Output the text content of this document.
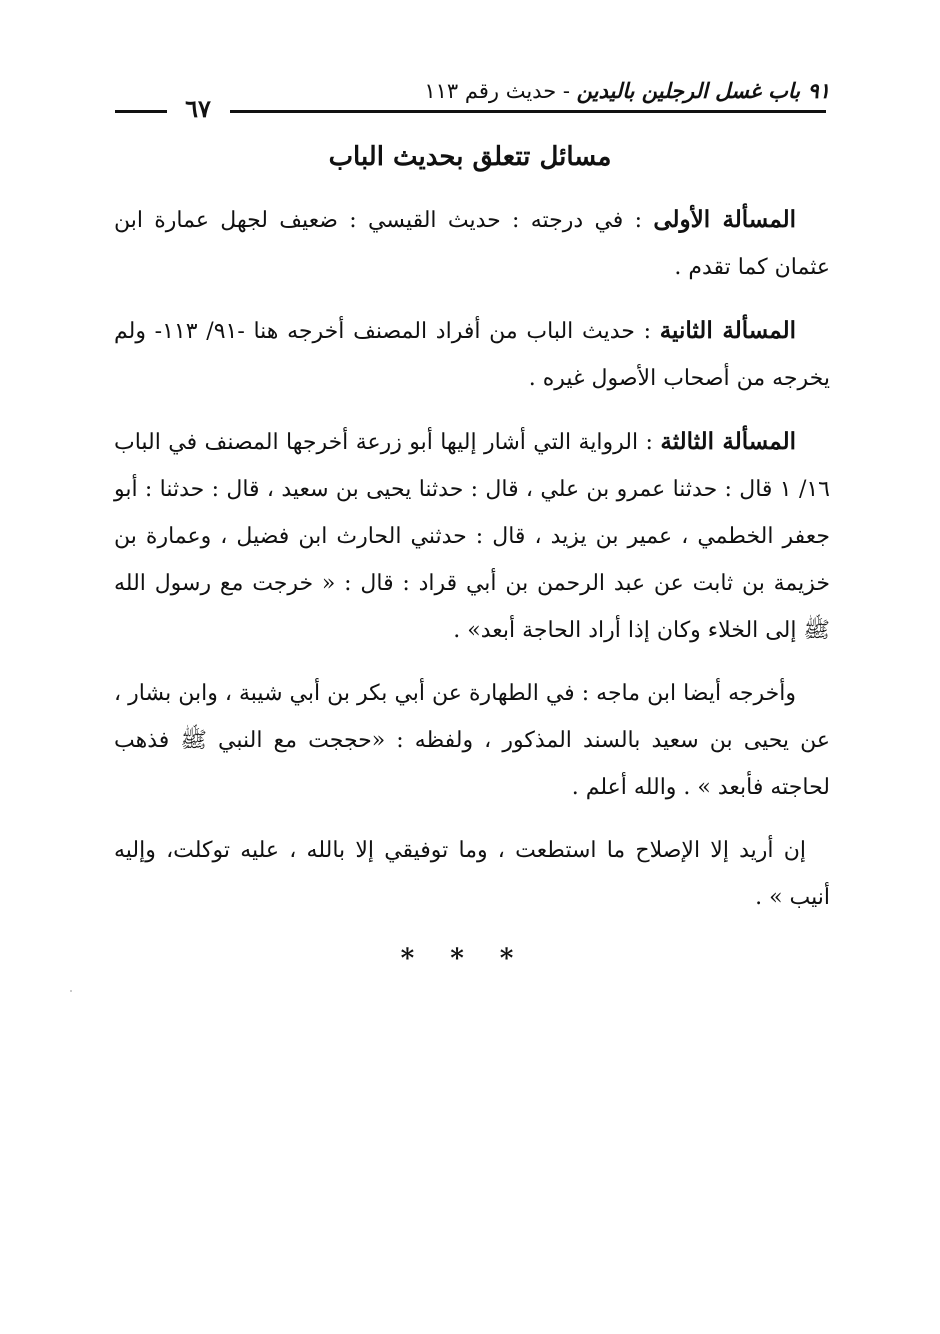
٩١ باب غسل الرجلين باليدين - حديث رقم ١١٣
٦٧
مسائل تتعلق بحديث الباب

المسألة الأولى : في درجته : حديث القيسي : ضعيف لجهل عمارة ابن عثمان كما تقدم .

المسألة الثانية : حديث الباب من أفراد المصنف أخرجه هنا -٩١/ ١١٣- ولم يخرجه من أصحاب الأصول غيره .

المسألة الثالثة : الرواية التي أشار إليها أبو زرعة أخرجها المصنف في الباب ١٦/ ١ قال : حدثنا عمرو بن علي ، قال : حدثنا يحيى بن سعيد ، قال : حدثنا : أبو جعفر الخطمي ، عمير بن يزيد ، قال : حدثني الحارث ابن فضيل ، وعمارة بن خزيمة بن ثابت عن عبد الرحمن بن أبي قراد : قال : « خرجت مع رسول الله ﷺ إلى الخلاء وكان إذا أراد الحاجة أبعد» .

وأخرجه أيضا ابن ماجه : في الطهارة عن أبي بكر بن أبي شيبة ، وابن بشار ، عن يحيى بن سعيد بالسند المذكور ، ولفظه : «حججت مع النبي ﷺ فذهب لحاجته فأبعد » . والله أعلم .

إن أريد إلا الإصلاح ما استطعت ، وما توفيقي إلا بالله ، عليه توكلت، وإليه أنيب » .

***
